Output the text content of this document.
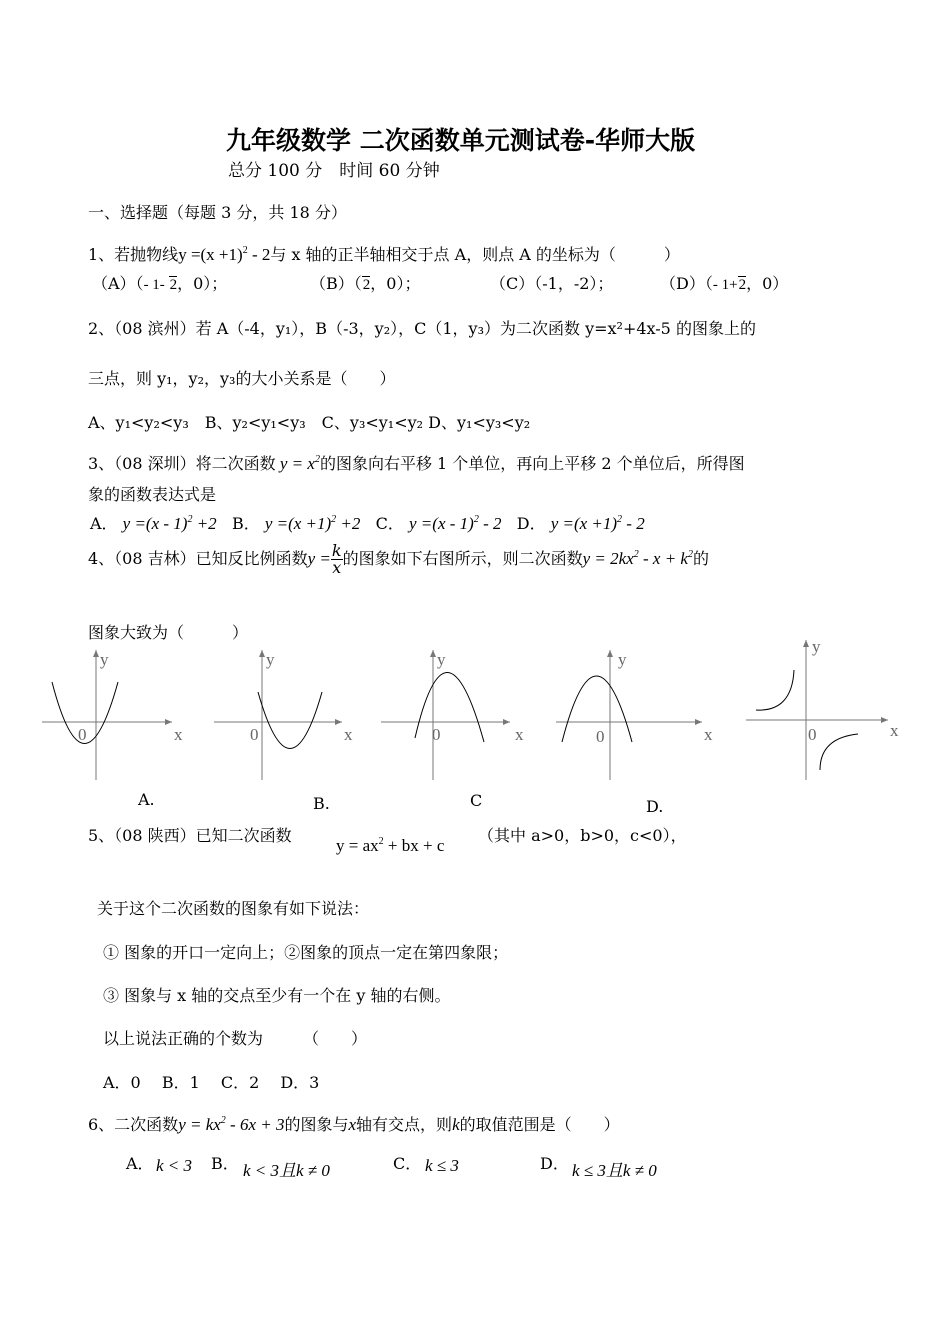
九年级数学 二次函数单元测试卷-华师大版
总分 100 分　时间 60 分钟
一、选择题（每题 3 分，共 18 分）
1、若抛物线$y =(x +1)^2 - 2$与 x 轴的正半轴相交于点 A，则点 A 的坐标为（　　　）
（A）（- 1- 2，0）；	（B）（2，0）；	（C）（-1，-2）；	（D）（- 1+2，0）
2、（08 滨州）若 A（-4，y₁），B（-3，y₂），C（1，y₃）为二次函数 y=x²+4x-5 的图象上的
三点，则 y₁，y₂，y₃的大小关系是（　　）
A、y₁<y₂<y₃　B、y₂<y₁<y₃　C、y₃<y₁<y₂ D、y₁<y₃<y₂
3、（08 深圳）将二次函数 $y = x^2$的图象向右平移 1 个单位，再向上平移 2 个单位后，所得图
象的函数表达式是
A． y =(x - 1)$^2$ +2 B． $y =(x +1)^2 +2$ C． y =(x - 1)$^2$ - 2 D． $y =(x +1)^2 - 2$
4、（08 吉林）已知反比例函数$y = \frac{k}{x}$ 的图象如下右图所示，则二次函数$y = 2kx^2 - x + k^2$的
图象大致为（　　　）
y
x
0
y
x
0
y
x
0
y
x
0
y
x
0
A.	B.	C	D.
5、（08 陕西）已知二次函数
$y = ax^2$ + bx + c
（其中 a>0，b>0，c<0），
关于这个二次函数的图象有如下说法：
① 图象的开口一定向上；②图象的顶点一定在第四象限；
③ 图象与 x 轴的交点至少有一个在 y 轴的右侧。
以上说法正确的个数为　　　（　　）
A．0　 B．1　 C．2　 D．3
6、二次函数$y = kx^2 - 6x + 3$的图象与x轴有交点，则k的取值范围是（　　）
A． k < 3 B． k < 3且k ≠ 0	C． k ≤ 3	D． k ≤ 3且k ≠ 0
